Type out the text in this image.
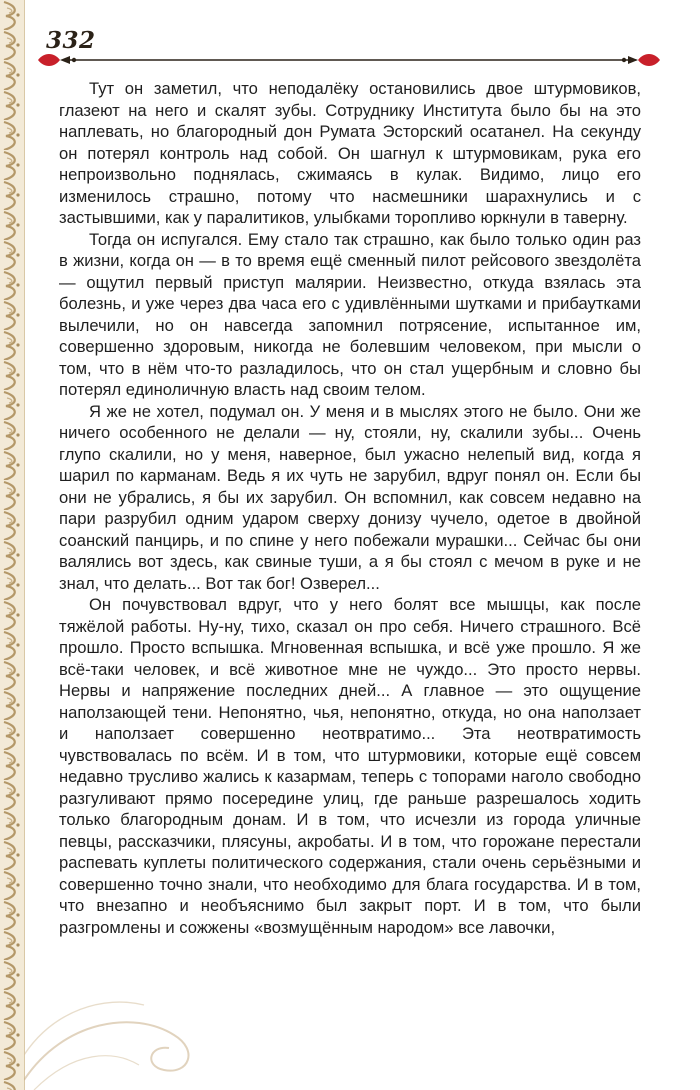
332

Тут он заметил, что неподалёку остановились двое штурмовиков, глазеют на него и скалят зубы. Сотруднику Института было бы на это наплевать, но благородный дон Румата Эсторский осатанел. На секунду он потерял контроль над собой. Он шагнул к штурмовикам, рука его непроизвольно поднялась, сжимаясь в кулак. Видимо, лицо его изменилось страшно, потому что насмешники шарахнулись и с застывшими, как у паралитиков, улыбками торопливо юркнули в таверну.

Тогда он испугался. Ему стало так страшно, как было только один раз в жизни, когда он — в то время ещё сменный пилот рейсового звездолёта — ощутил первый приступ малярии. Неизвестно, откуда взялась эта болезнь, и уже через два часа его с удивлёнными шутками и прибаутками вылечили, но он навсегда запомнил потрясение, испытанное им, совершенно здоровым, никогда не болевшим человеком, при мысли о том, что в нём что-то разладилось, что он стал ущербным и словно бы потерял единоличную власть над своим телом.

Я же не хотел, подумал он. У меня и в мыслях этого не было. Они же ничего особенного не делали — ну, стояли, ну, скалили зубы... Очень глупо скалили, но у меня, наверное, был ужасно нелепый вид, когда я шарил по карманам. Ведь я их чуть не зарубил, вдруг понял он. Если бы они не убрались, я бы их зарубил. Он вспомнил, как совсем недавно на пари разрубил одним ударом сверху донизу чучело, одетое в двойной соанский панцирь, и по спине у него побежали мурашки... Сейчас бы они валялись вот здесь, как свиные туши, а я бы стоял с мечом в руке и не знал, что делать... Вот так бог! Озверел...

Он почувствовал вдруг, что у него болят все мышцы, как после тяжёлой работы. Ну-ну, тихо, сказал он про себя. Ничего страшного. Всё прошло. Просто вспышка. Мгновенная вспышка, и всё уже прошло. Я же всё-таки человек, и всё животное мне не чуждо... Это просто нервы. Нервы и напряжение последних дней... А главное — это ощущение наползающей тени. Непонятно, чья, непонятно, откуда, но она наползает и наползает совершенно неотвратимо... Эта неотвратимость чувствовалась по всём. И в том, что штурмовики, которые ещё совсем недавно трусливо жались к казармам, теперь с топорами наголо свободно разгуливают прямо посередине улиц, где раньше разрешалось ходить только благородным донам. И в том, что исчезли из города уличные певцы, рассказчики, плясуны, акробаты. И в том, что горожане перестали распевать куплеты политического содержания, стали очень серьёзными и совершенно точно знали, что необходимо для блага государства. И в том, что внезапно и необъяснимо был закрыт порт. И в том, что были разгромлены и сожжены «возмущённым народом» все лавочки,
